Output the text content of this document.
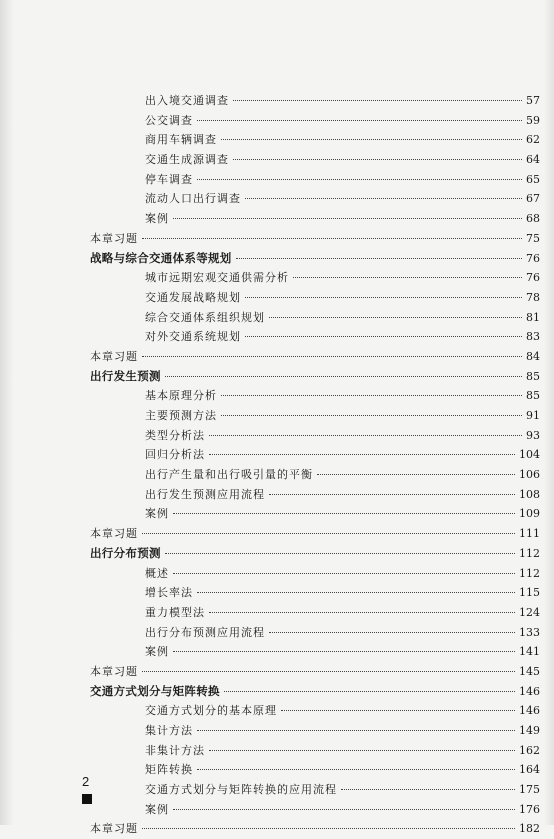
出入境交通调查	57
公交调查	59
商用车辆调查	62
交通生成源调查	64
停车调查	65
流动人口出行调查	67
案例	68
本章习题	75
战略与综合交通体系等规划	76
城市远期宏观交通供需分析	76
交通发展战略规划	78
综合交通体系组织规划	81
对外交通系统规划	83
本章习题	84
出行发生预测	85
基本原理分析	85
主要预测方法	91
类型分析法	93
回归分析法	104
出行产生量和出行吸引量的平衡	106
出行发生预测应用流程	108
案例	109
本章习题	111
出行分布预测	112
概述	112
增长率法	115
重力模型法	124
出行分布预测应用流程	133
案例	141
本章习题	145
交通方式划分与矩阵转换	146
交通方式划分的基本原理	146
集计方法	149
非集计方法	162
矩阵转换	164
交通方式划分与矩阵转换的应用流程	175
案例	176
本章习题	182
2
